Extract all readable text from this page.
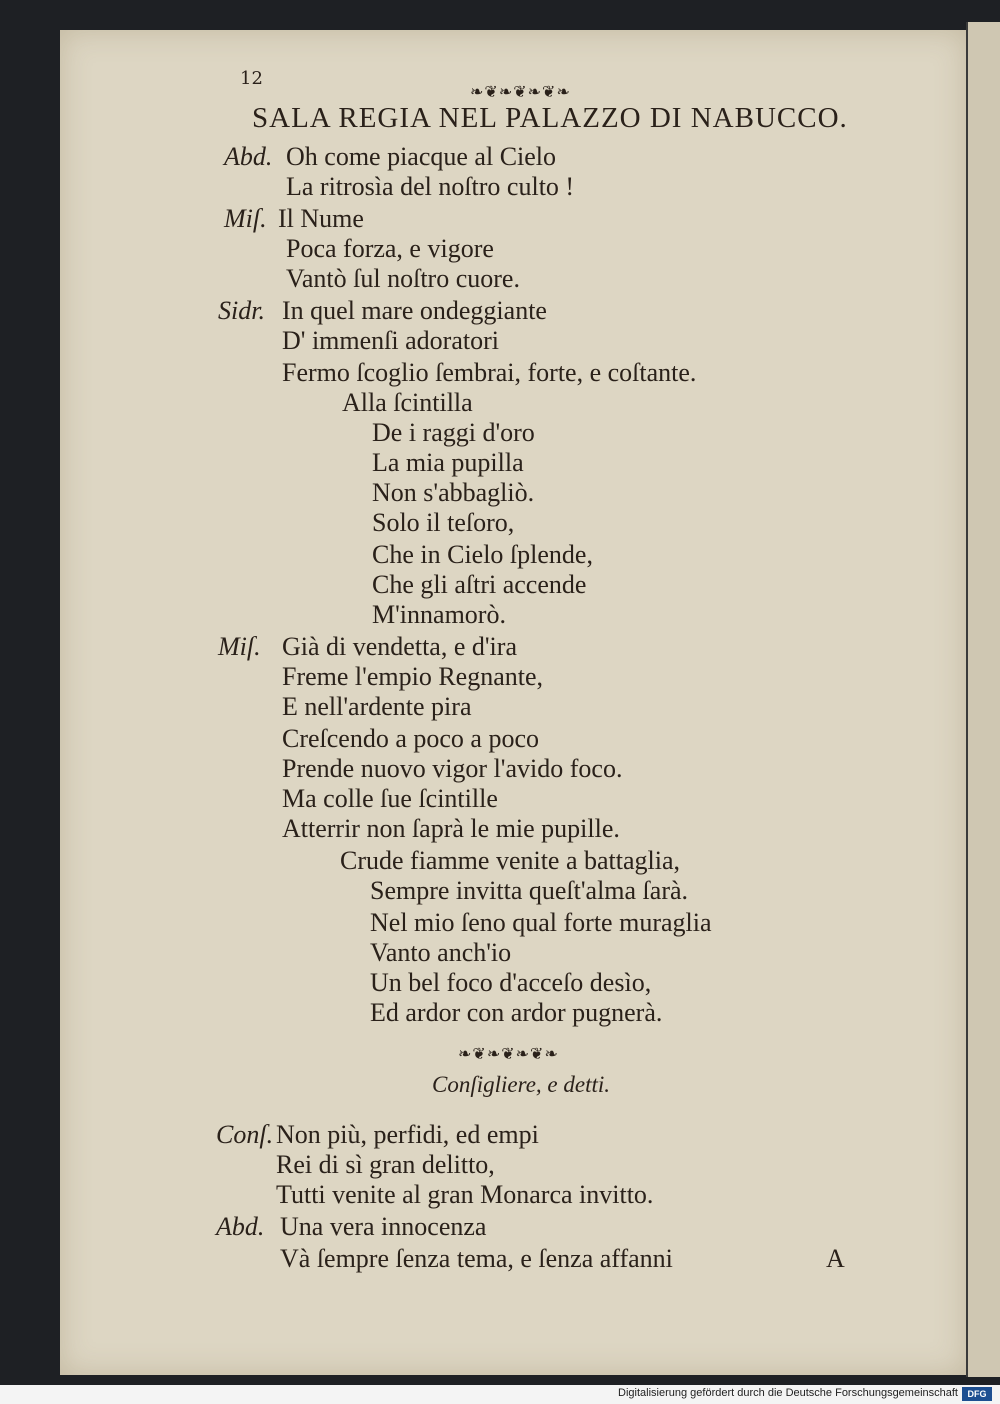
12
❧❦❧❦❧❦❧
SALA REGIA NEL PALAZZO DI NABUCCO.
Abd. Oh come piacque al Cielo
La ritrosìa del noſtro culto !
Miſ. Il Nume
Poca forza, e vigore
Vantò ſul noſtro cuore.
Sidr. In quel mare ondeggiante
D' immenſi adoratori
Fermo ſcoglio ſembrai, forte, e coſtante.
Alla ſcintilla
De i raggi d'oro
La mia pupilla
Non s'abbagliò.
Solo il teſoro,
Che in Cielo ſplende,
Che gli aſtri accende
M'innamorò.
Miſ. Già di vendetta, e d'ira
Freme l'empio Regnante,
E nell'ardente pira
Creſcendo a poco a poco
Prende nuovo vigor l'avido foco.
Ma colle ſue ſcintille
Atterrir non ſaprà le mie pupille.
Crude fiamme venite a battaglia,
Sempre invitta queſt'alma ſarà.
Nel mio ſeno qual forte muraglia
Vanto anch'io
Un bel foco d'acceſo desìo,
Ed ardor con ardor pugnerà.
❧❦❧❦❧❦❧
Conſigliere, e detti.
Conſ. Non più, perfidi, ed empi
Rei di sì gran delitto,
Tutti venite al gran Monarca invitto.
Abd. Una vera innocenza
Và ſempre ſenza tema, e ſenza affanni	A
Digitalisierung gefördert durch die Deutsche Forschungsgemeinschaft	DFG
